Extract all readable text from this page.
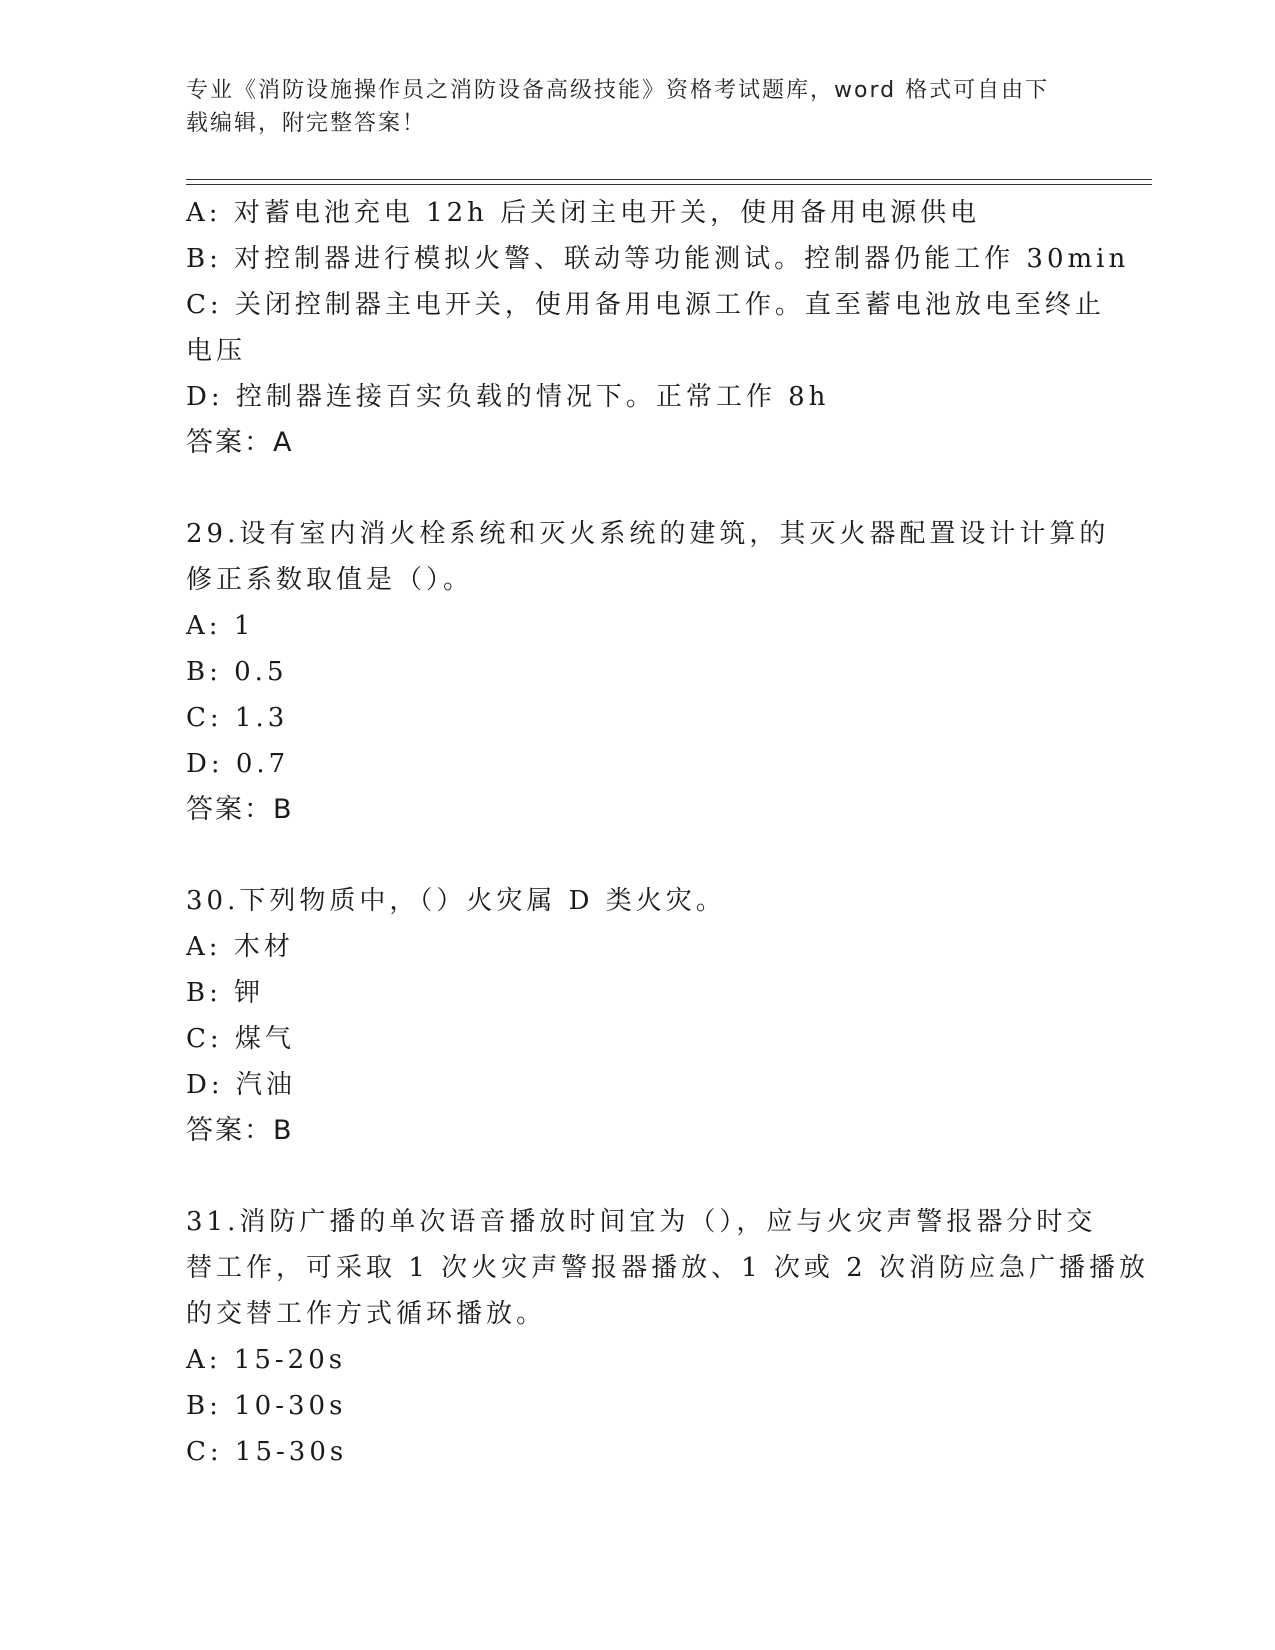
专业《消防设施操作员之消防设备高级技能》资格考试题库，word 格式可自由下
载编辑，附完整答案！
A: 对蓄电池充电 12h 后关闭主电开关，使用备用电源供电
B: 对控制器进行模拟火警、联动等功能测试。控制器仍能工作 30min
C: 关闭控制器主电开关，使用备用电源工作。直至蓄电池放电至终止
电压
D: 控制器连接百实负载的情况下。正常工作 8h
答案：A
29.设有室内消火栓系统和灭火系统的建筑，其灭火器配置设计计算的
修正系数取值是（）。
A: 1
B: 0.5
C: 1.3
D: 0.7
答案：B
30.下列物质中，（）火灾属 D 类火灾。
A: 木材
B: 钾
C: 煤气
D: 汽油
答案：B
31.消防广播的单次语音播放时间宜为（），应与火灾声警报器分时交
替工作，可采取 1 次火灾声警报器播放、1 次或 2 次消防应急广播播放
的交替工作方式循环播放。
A: 15-20s
B: 10-30s
C: 15-30s
